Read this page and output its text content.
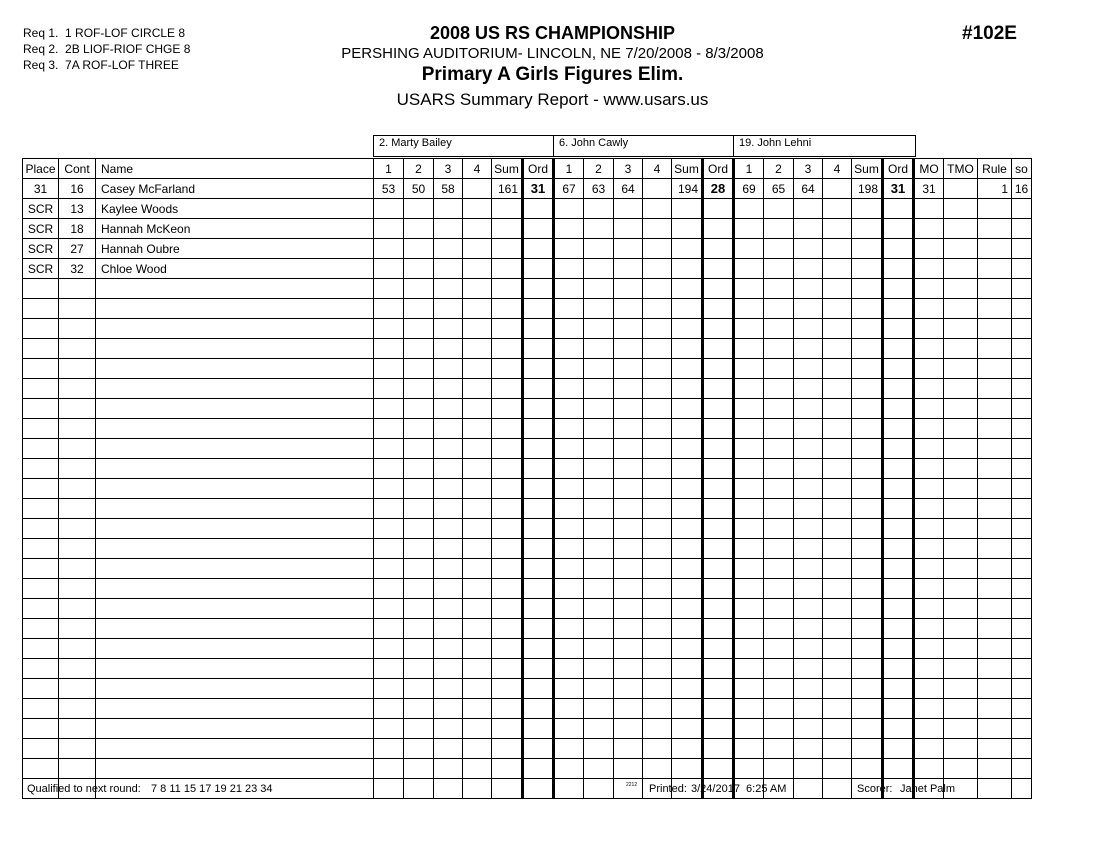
Req 1.  1 ROF-LOF CIRCLE 8
Req 2.  2B LIOF-RIOF CHGE 8
Req 3.  7A ROF-LOF THREE
2008 US RS CHAMPIONSHIP
PERSHING AUDITORIUM- LINCOLN, NE 7/20/2008 - 8/3/2008
Primary A Girls Figures Elim.
USARS Summary Report - www.usars.us
#102E
2. Marty Bailey	6. John Cawly	19. John Lehni
Place	Cont	Name	1	2	3	4	Sum	Ord	1	2	3	4	Sum	Ord	1	2	3	4	Sum	Ord	MO	TMO	Rule	so
31	16	Casey McFarland	53	50	58		161	31	67	63	64		194	28	69	65	64		198	31	31		1	16
SCR	13	Kaylee Woods																						
SCR	18	Hannah McKeon																						
SCR	27	Hannah Oubre																						
SCR	32	Chloe Wood																						

Qualified to next round: 7 8 11 15 17 19 21 23 34	2212 Printed: 3/24/2017  6:25 AM	Scorer: Janet Palm
